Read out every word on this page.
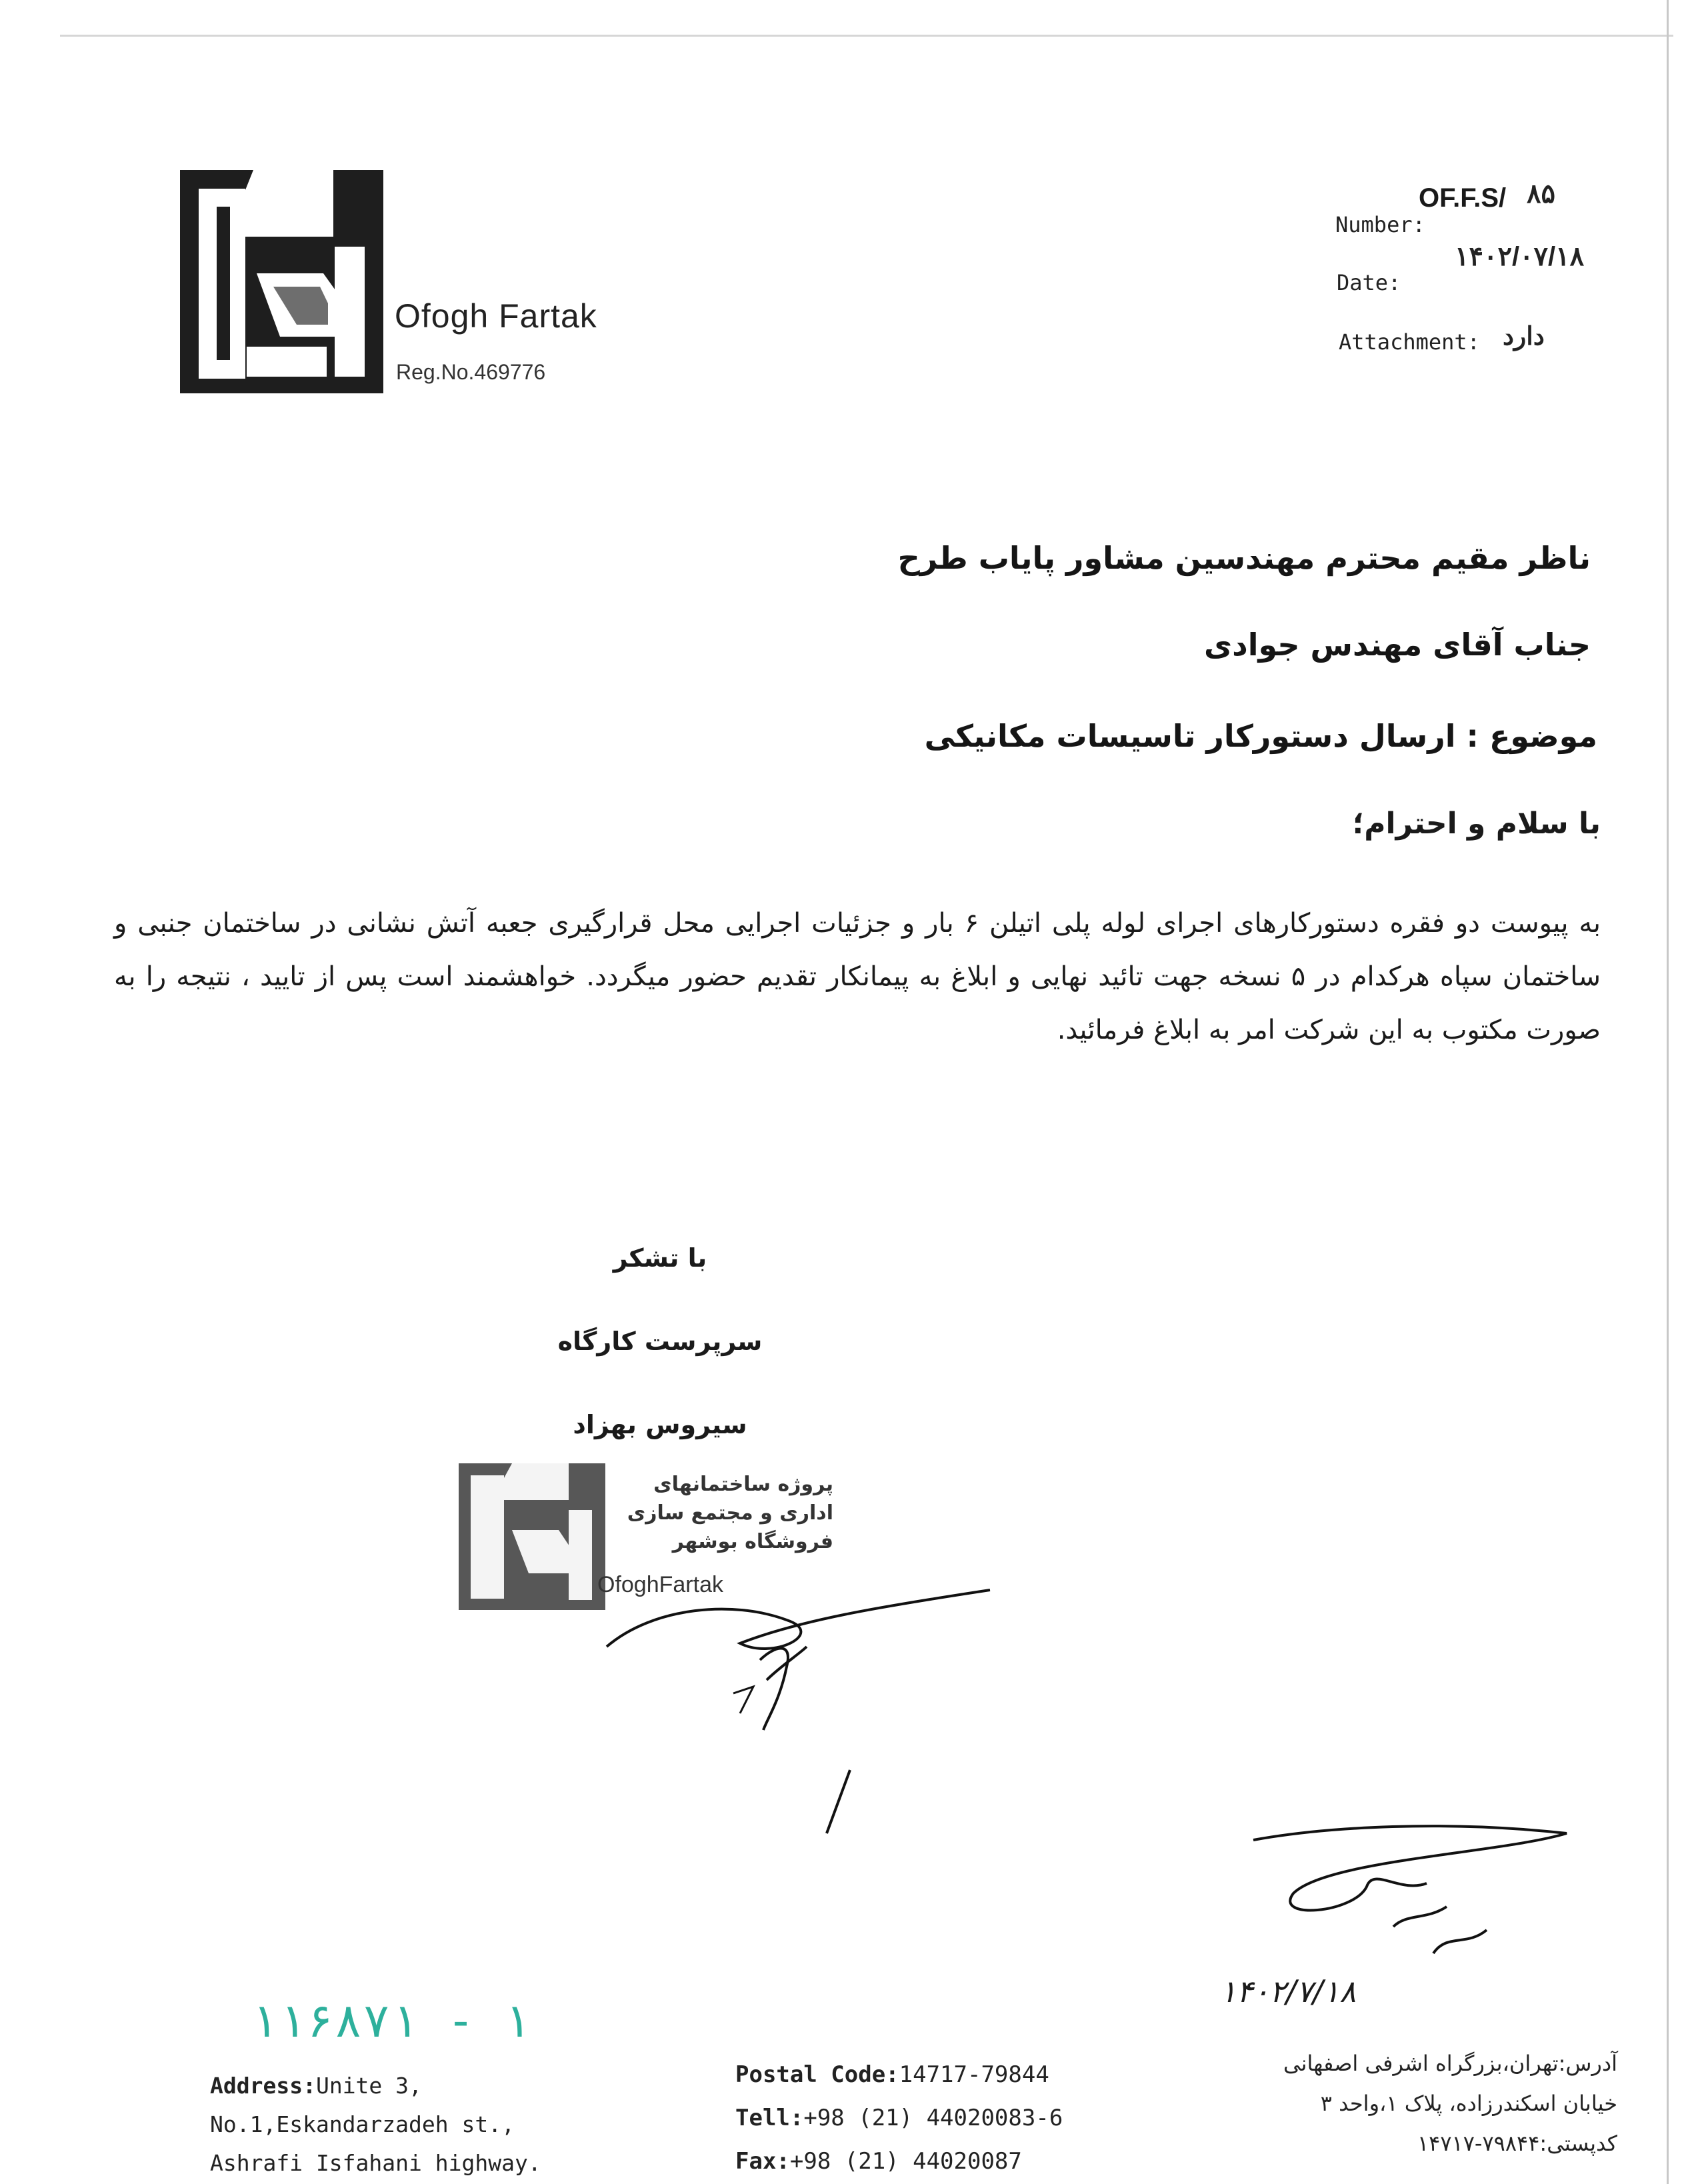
Ofogh Fartak
Reg.No.469776
OF.F.S/ ۸۵
Number:
۱۴۰۲/۰۷/۱۸
Date:
Attachment: دارد
ناظر مقیم محترم مهندسین مشاور پایاب طرح
جناب آقای مهندس جوادی
موضوع : ارسال دستورکار تاسیسات مکانیکی
با سلام و احترام؛
به پیوست دو فقره دستورکارهای اجرای لوله پلی اتیلن ۶ بار و جزئیات اجرایی محل قرارگیری جعبه آتش نشانی در ساختمان جنبی و ساختمان سپاه هرکدام در ۵ نسخه جهت تائید نهایی و ابلاغ به پیمانکار تقدیم حضور میگردد. خواهشمند است پس از تایید ، نتیجه را به صورت مکتوب به این شرکت امر به ابلاغ فرمائید.
با تشکر
سرپرست کارگاه
سیروس بهزاد
پروژه ساختمانهای
اداری و مجتمع سازی
فروشگاه بوشهر
OfoghFartak
۱۱۶۸۷۱ - ۱
۱۴۰۲/۷/۱۸
Address:Unite 3,
No.1,Eskandarzadeh st.,
Ashrafi Isfahani highway.
Postal Code:14717-79844
Tell:+98 (21) 44020083-6
Fax:+98 (21) 44020087
آدرس:تهران،بزرگراه اشرفی اصفهانی
خیابان اسکندرزاده، پلاک ۱،واحد ۳
کدپستی:۷۹۸۴۴-۱۴۷۱۷
